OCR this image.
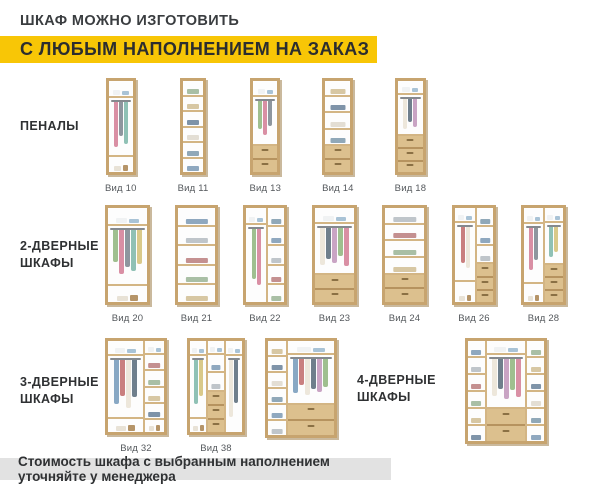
ШКАФ МОЖНО ИЗГОТОВИТЬ
С ЛЮБЫМ НАПОЛНЕНИЕМ НА ЗАКАЗ
ПЕНАЛЫ
Вид 10	Вид 11	Вид 13	Вид 14	Вид 18
2-ДВЕРНЫЕ
ШКАФЫ
Вид 20	Вид 21	Вид 22	Вид 23	Вид 24	Вид 26	Вид 28
3-ДВЕРНЫЕ
ШКАФЫ
Вид 32	Вид 38
4-ДВЕРНЫЕ
ШКАФЫ
Стоимость шкафа с выбранным наполнением уточняйте у менеджера
